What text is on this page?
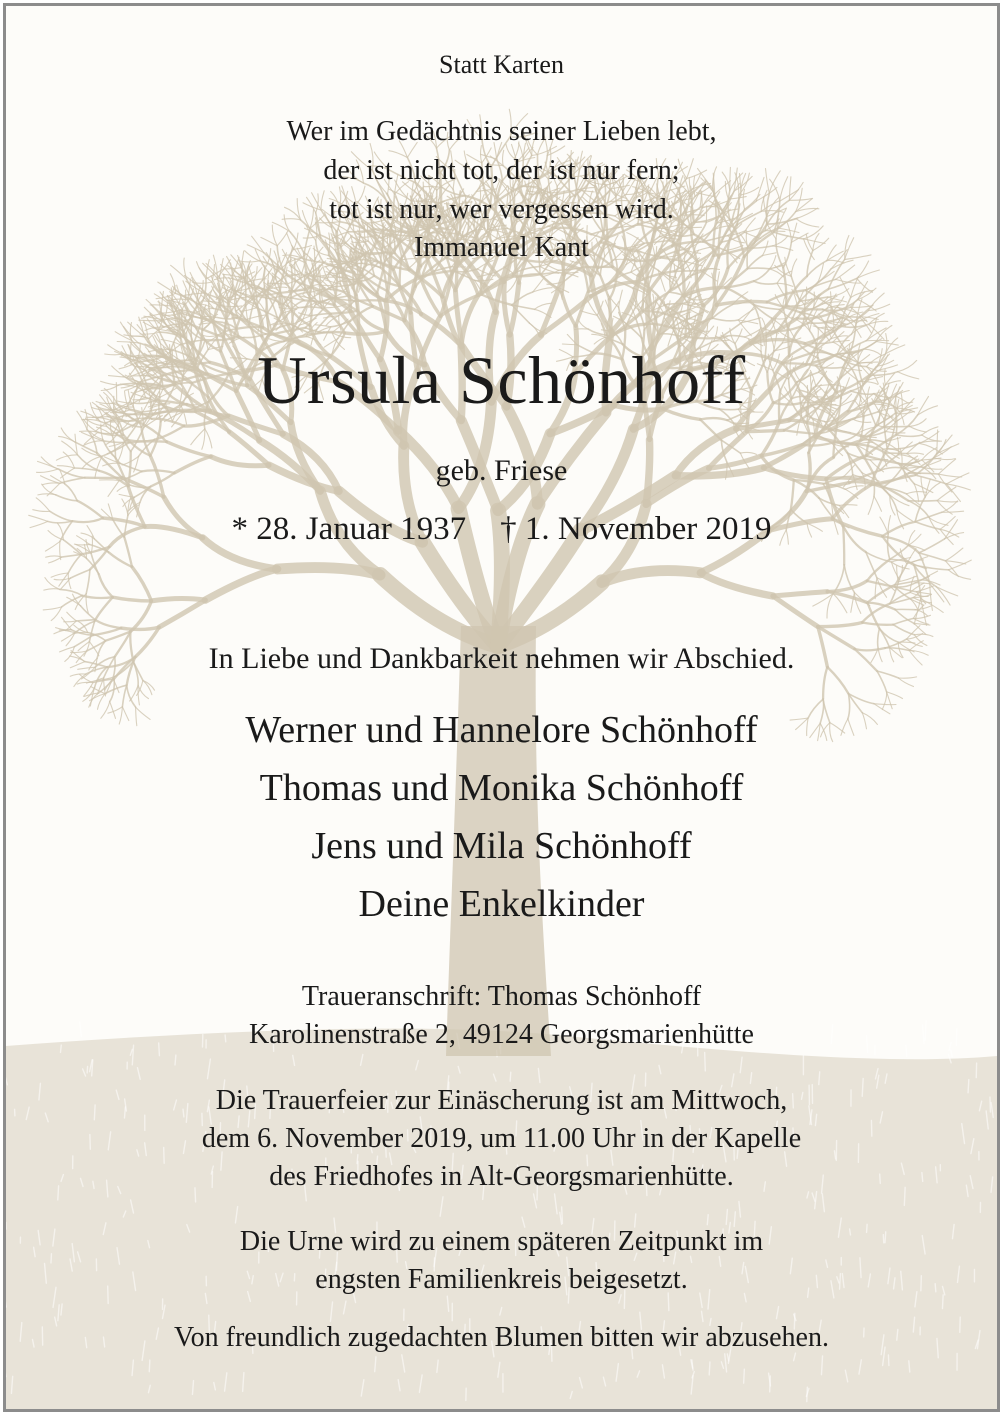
Statt Karten
Wer im Gedächtnis seiner Lieben lebt,
der ist nicht tot, der ist nur fern;
tot ist nur, wer vergessen wird.
Immanuel Kant
Ursula Schönhoff
geb. Friese
* 28. Januar 1937 † 1. November 2019
In Liebe und Dankbarkeit nehmen wir Abschied.
Werner und Hannelore Schönhoff
Thomas und Monika Schönhoff
Jens und Mila Schönhoff
Deine Enkelkinder
Traueranschrift: Thomas Schönhoff
Karolinenstraße 2, 49124 Georgsmarienhütte
Die Trauerfeier zur Einäscherung ist am Mittwoch,
dem 6. November 2019, um 11.00 Uhr in der Kapelle
des Friedhofes in Alt-Georgsmarienhütte.
Die Urne wird zu einem späteren Zeitpunkt im
engsten Familienkreis beigesetzt.
Von freundlich zugedachten Blumen bitten wir abzusehen.
